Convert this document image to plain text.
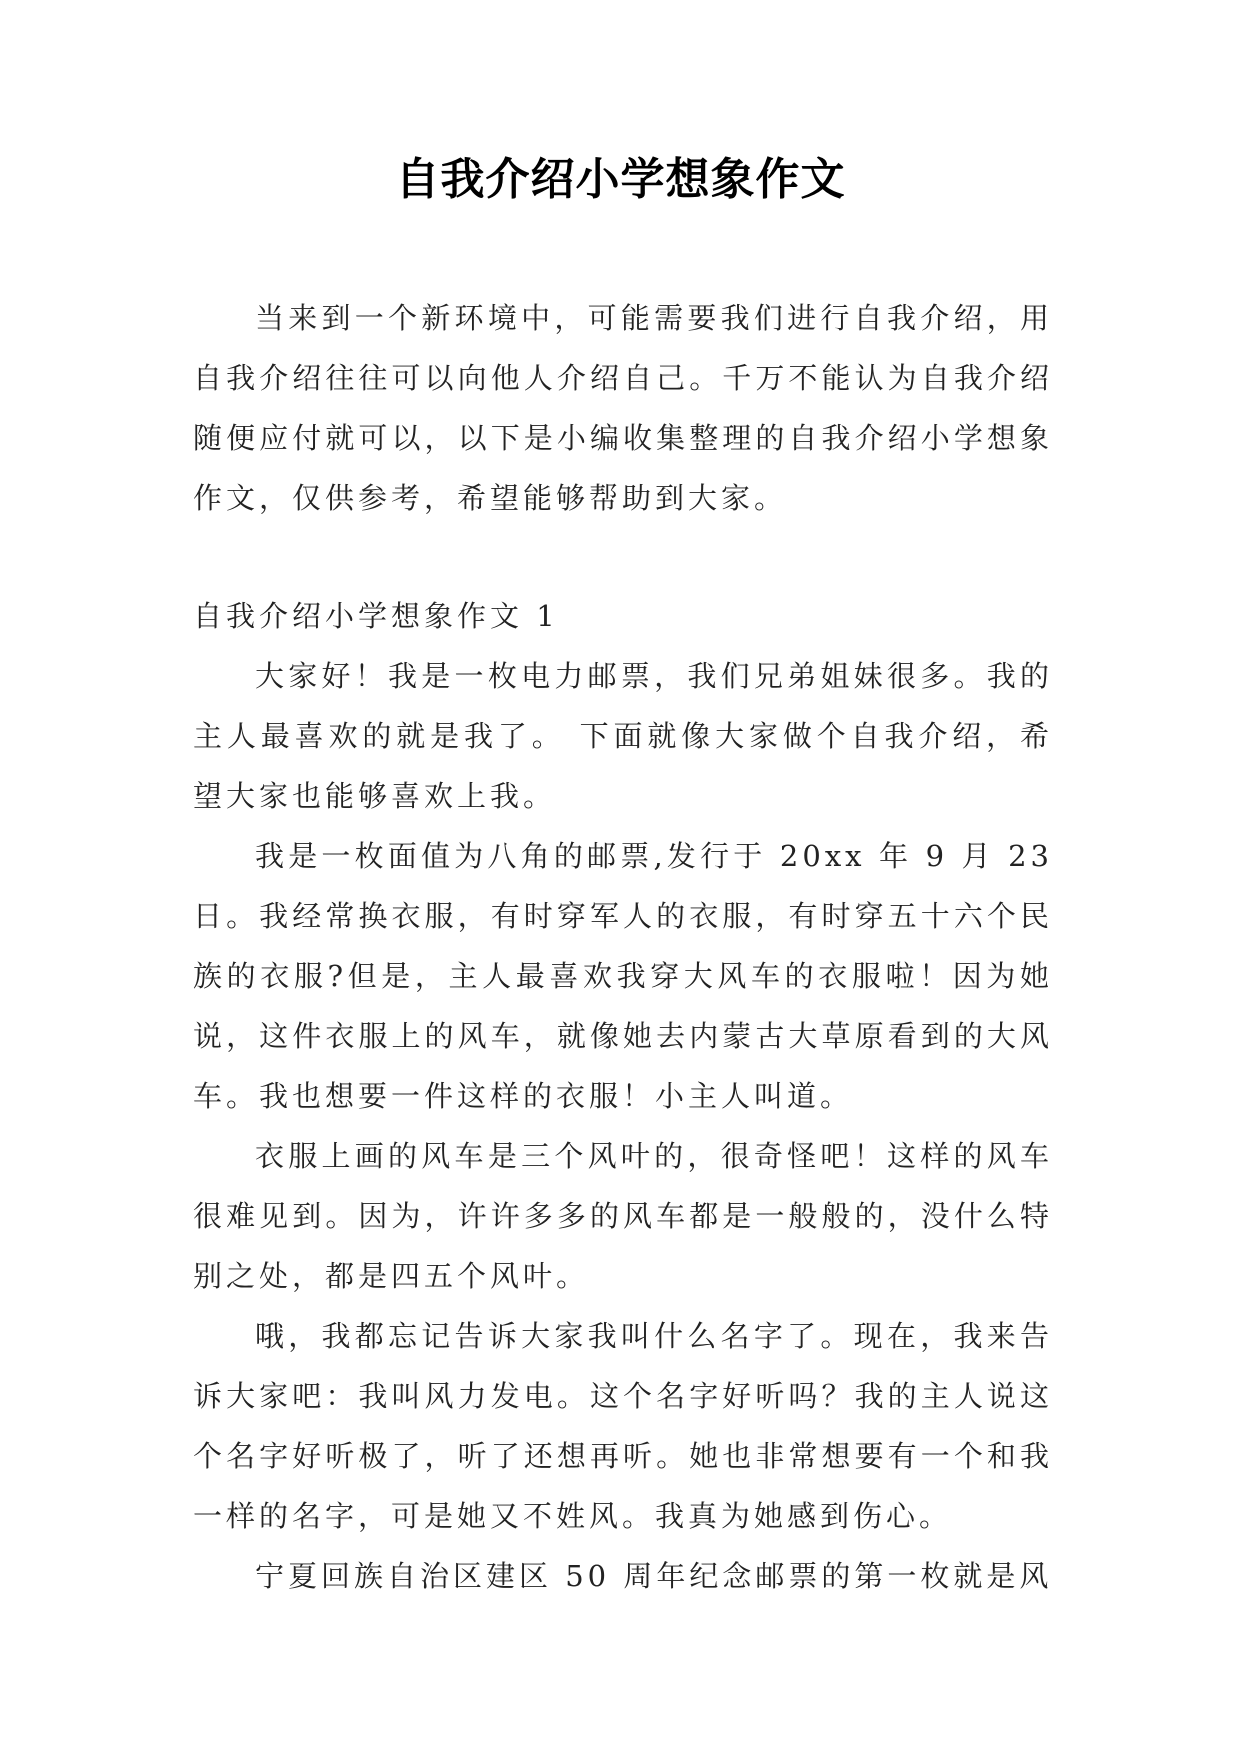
自我介绍小学想象作文

当来到一个新环境中，可能需要我们进行自我介绍，用自我介绍往往可以向他人介绍自己。千万不能认为自我介绍随便应付就可以，以下是小编收集整理的自我介绍小学想象作文，仅供参考，希望能够帮助到大家。

自我介绍小学想象作文 1

大家好！我是一枚电力邮票，我们兄弟姐妹很多。我的主人最喜欢的就是我了。 下面就像大家做个自我介绍，希望大家也能够喜欢上我。

我是一枚面值为八角的邮票,发行于 20xx 年 9 月 23 日。我经常换衣服，有时穿军人的衣服，有时穿五十六个民族的衣服?但是，主人最喜欢我穿大风车的衣服啦！因为她说，这件衣服上的风车，就像她去内蒙古大草原看到的大风车。我也想要一件这样的衣服！小主人叫道。

衣服上画的风车是三个风叶的，很奇怪吧！这样的风车很难见到。因为，许许多多的风车都是一般般的，没什么特别之处，都是四五个风叶。

哦，我都忘记告诉大家我叫什么名字了。现在，我来告诉大家吧：我叫风力发电。这个名字好听吗？我的主人说这个名字好听极了，听了还想再听。她也非常想要有一个和我一样的名字，可是她又不姓风。我真为她感到伤心。

宁夏回族自治区建区 50 周年纪念邮票的第一枚就是风
